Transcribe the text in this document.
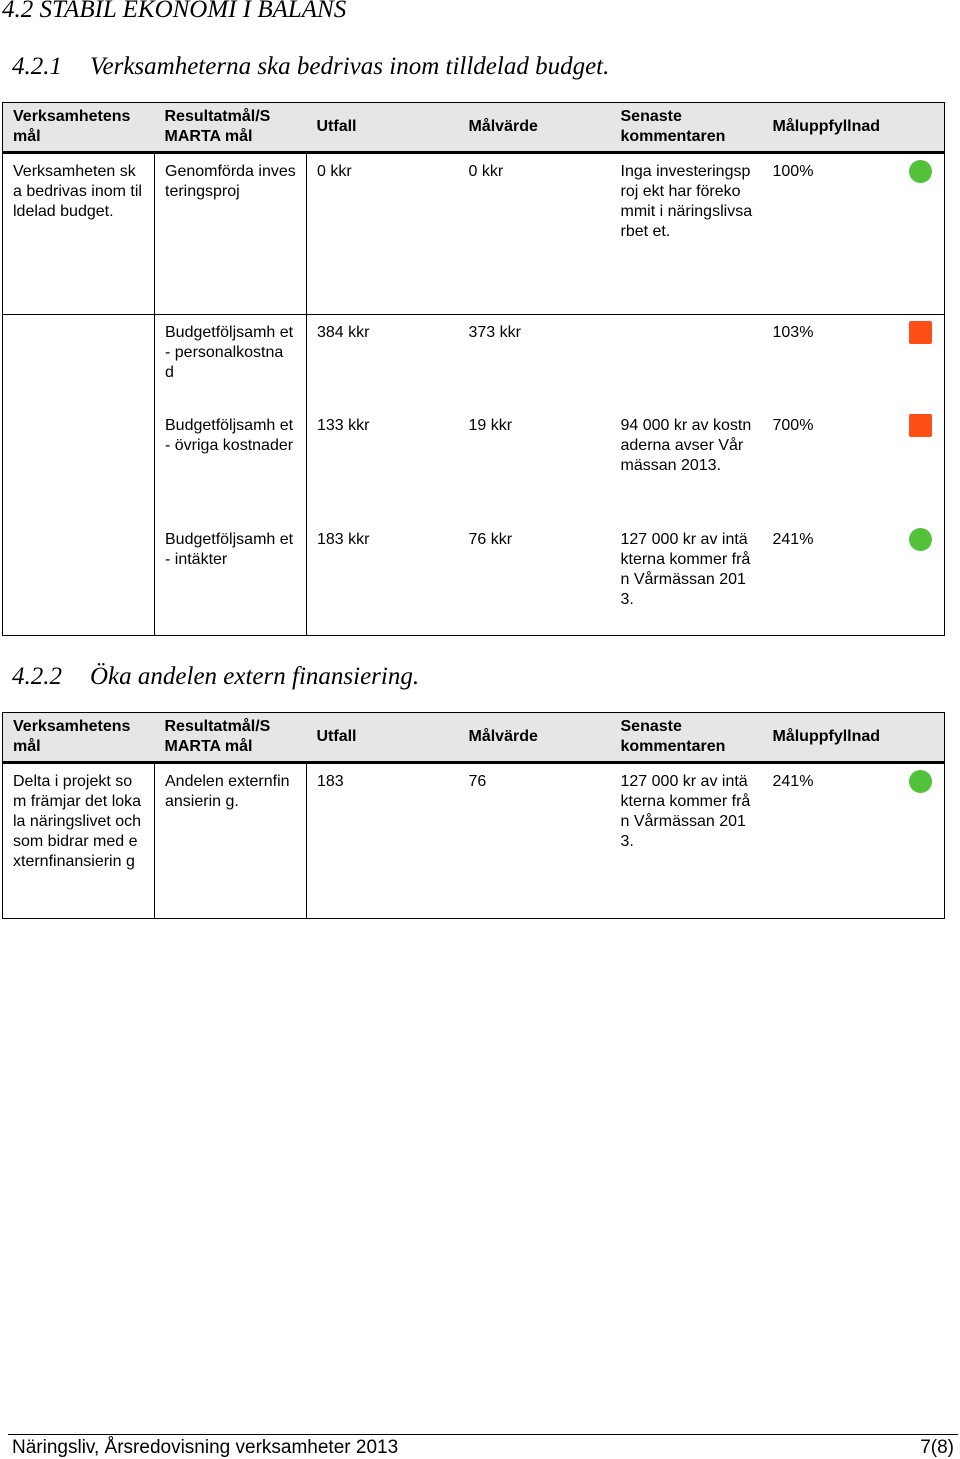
4.2 STABIL EKONOMI I BALANS
4.2.1 Verksamheterna ska bedrivas inom tilldelad budget.
Verksamhetens mål	Resultatmål/S MARTA mål	Utfall	Målvärde	Senaste kommentaren	Måluppfyllnad	
Verksamheten ska bedrivas inom tilldelad budget.	Genomförda investeringsproj	0 kkr	0 kkr	Inga investeringsproj ekt har förekommit i näringslivsarbet et.	100%	
	Budgetföljsamh et - personalkostna d	384 kkr	373 kkr		103%	
	Budgetföljsamh et - övriga kostnader	133 kkr	19 kkr	94 000 kr av kostnaderna avser Vårmässan 2013.	700%	
	Budgetföljsamh et - intäkter	183 kkr	76 kkr	127 000 kr av intäkterna kommer från Vårmässan 2013.	241%	
4.2.2 Öka andelen extern finansiering.
Verksamhetens mål	Resultatmål/S MARTA mål	Utfall	Målvärde	Senaste kommentaren	Måluppfyllnad	
Delta i projekt som främjar det lokala näringslivet och som bidrar med externfinansierin g	Andelen externfinansierin g.	183	76	127 000 kr av intäkterna kommer från Vårmässan 2013.	241%	
Näringsliv, Årsredovisning verksamheter 2013	7(8)
